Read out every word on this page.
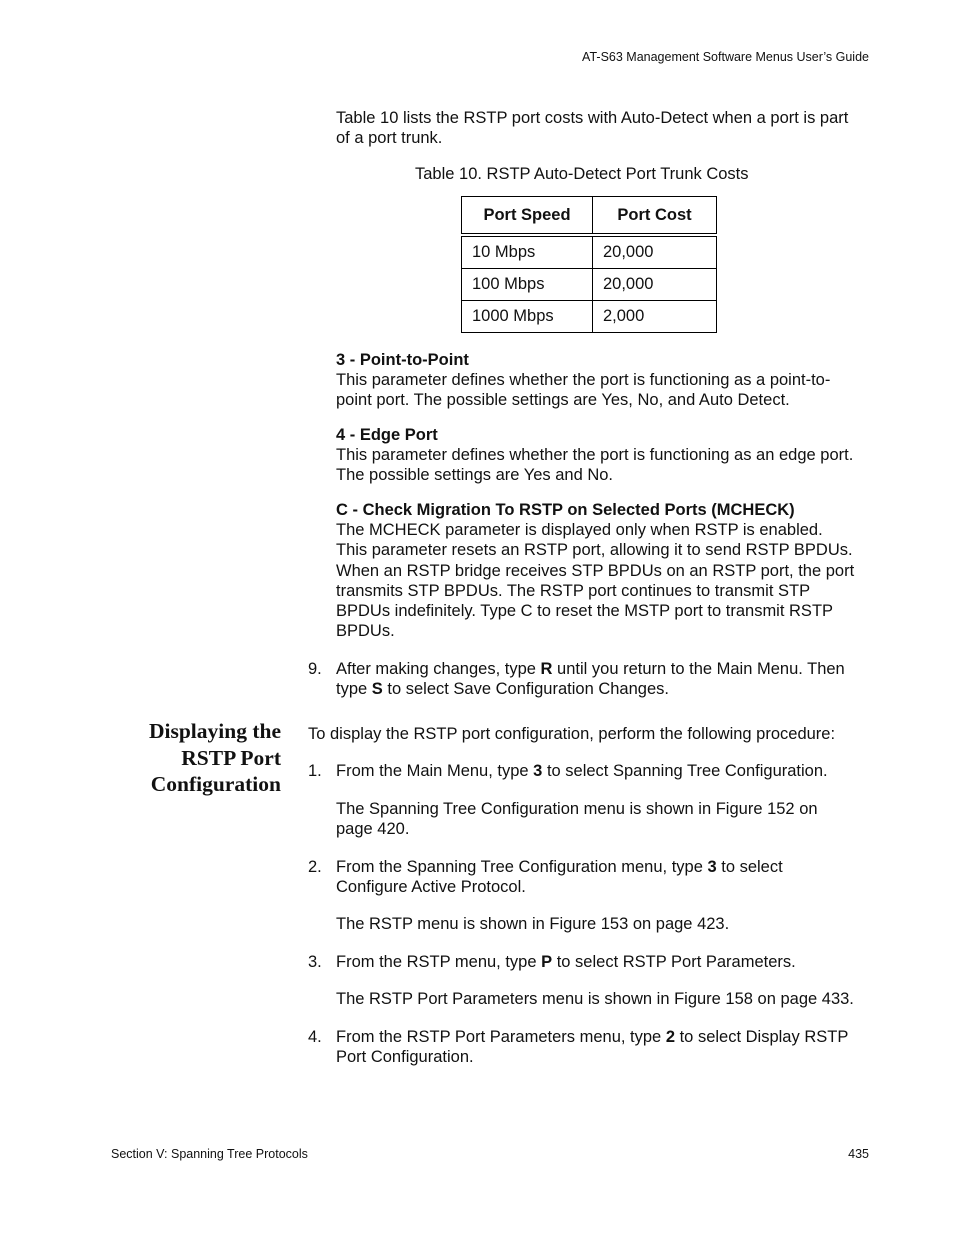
AT-S63 Management Software Menus User’s Guide
Table 10 lists the RSTP port costs with Auto-Detect when a port is part
of a port trunk.
Table 10. RSTP Auto-Detect Port Trunk Costs
Port Speed	Port Cost
10 Mbps	20,000
100 Mbps	20,000
1000 Mbps	2,000
3 - Point-to-Point
This parameter defines whether the port is functioning as a point-to-
point port. The possible settings are Yes, No, and Auto Detect.
4 - Edge Port
This parameter defines whether the port is functioning as an edge port.
The possible settings are Yes and No.
C - Check Migration To RSTP on Selected Ports (MCHECK)
The MCHECK parameter is displayed only when RSTP is enabled.
This parameter resets an RSTP port, allowing it to send RSTP BPDUs.
When an RSTP bridge receives STP BPDUs on an RSTP port, the port
transmits STP BPDUs. The RSTP port continues to transmit STP
BPDUs indefinitely. Type C to reset the MSTP port to transmit RSTP
BPDUs.
9. After making changes, type R until you return to the Main Menu. Then
type S to select Save Configuration Changes.
Displaying the
RSTP Port
Configuration
To display the RSTP port configuration, perform the following procedure:
1. From the Main Menu, type 3 to select Spanning Tree Configuration.
The Spanning Tree Configuration menu is shown in Figure 152 on
page 420.
2. From the Spanning Tree Configuration menu, type 3 to select
Configure Active Protocol.
The RSTP menu is shown in Figure 153 on page 423.
3. From the RSTP menu, type P to select RSTP Port Parameters.
The RSTP Port Parameters menu is shown in Figure 158 on page 433.
4. From the RSTP Port Parameters menu, type 2 to select Display RSTP
Port Configuration.
Section V: Spanning Tree Protocols	435
